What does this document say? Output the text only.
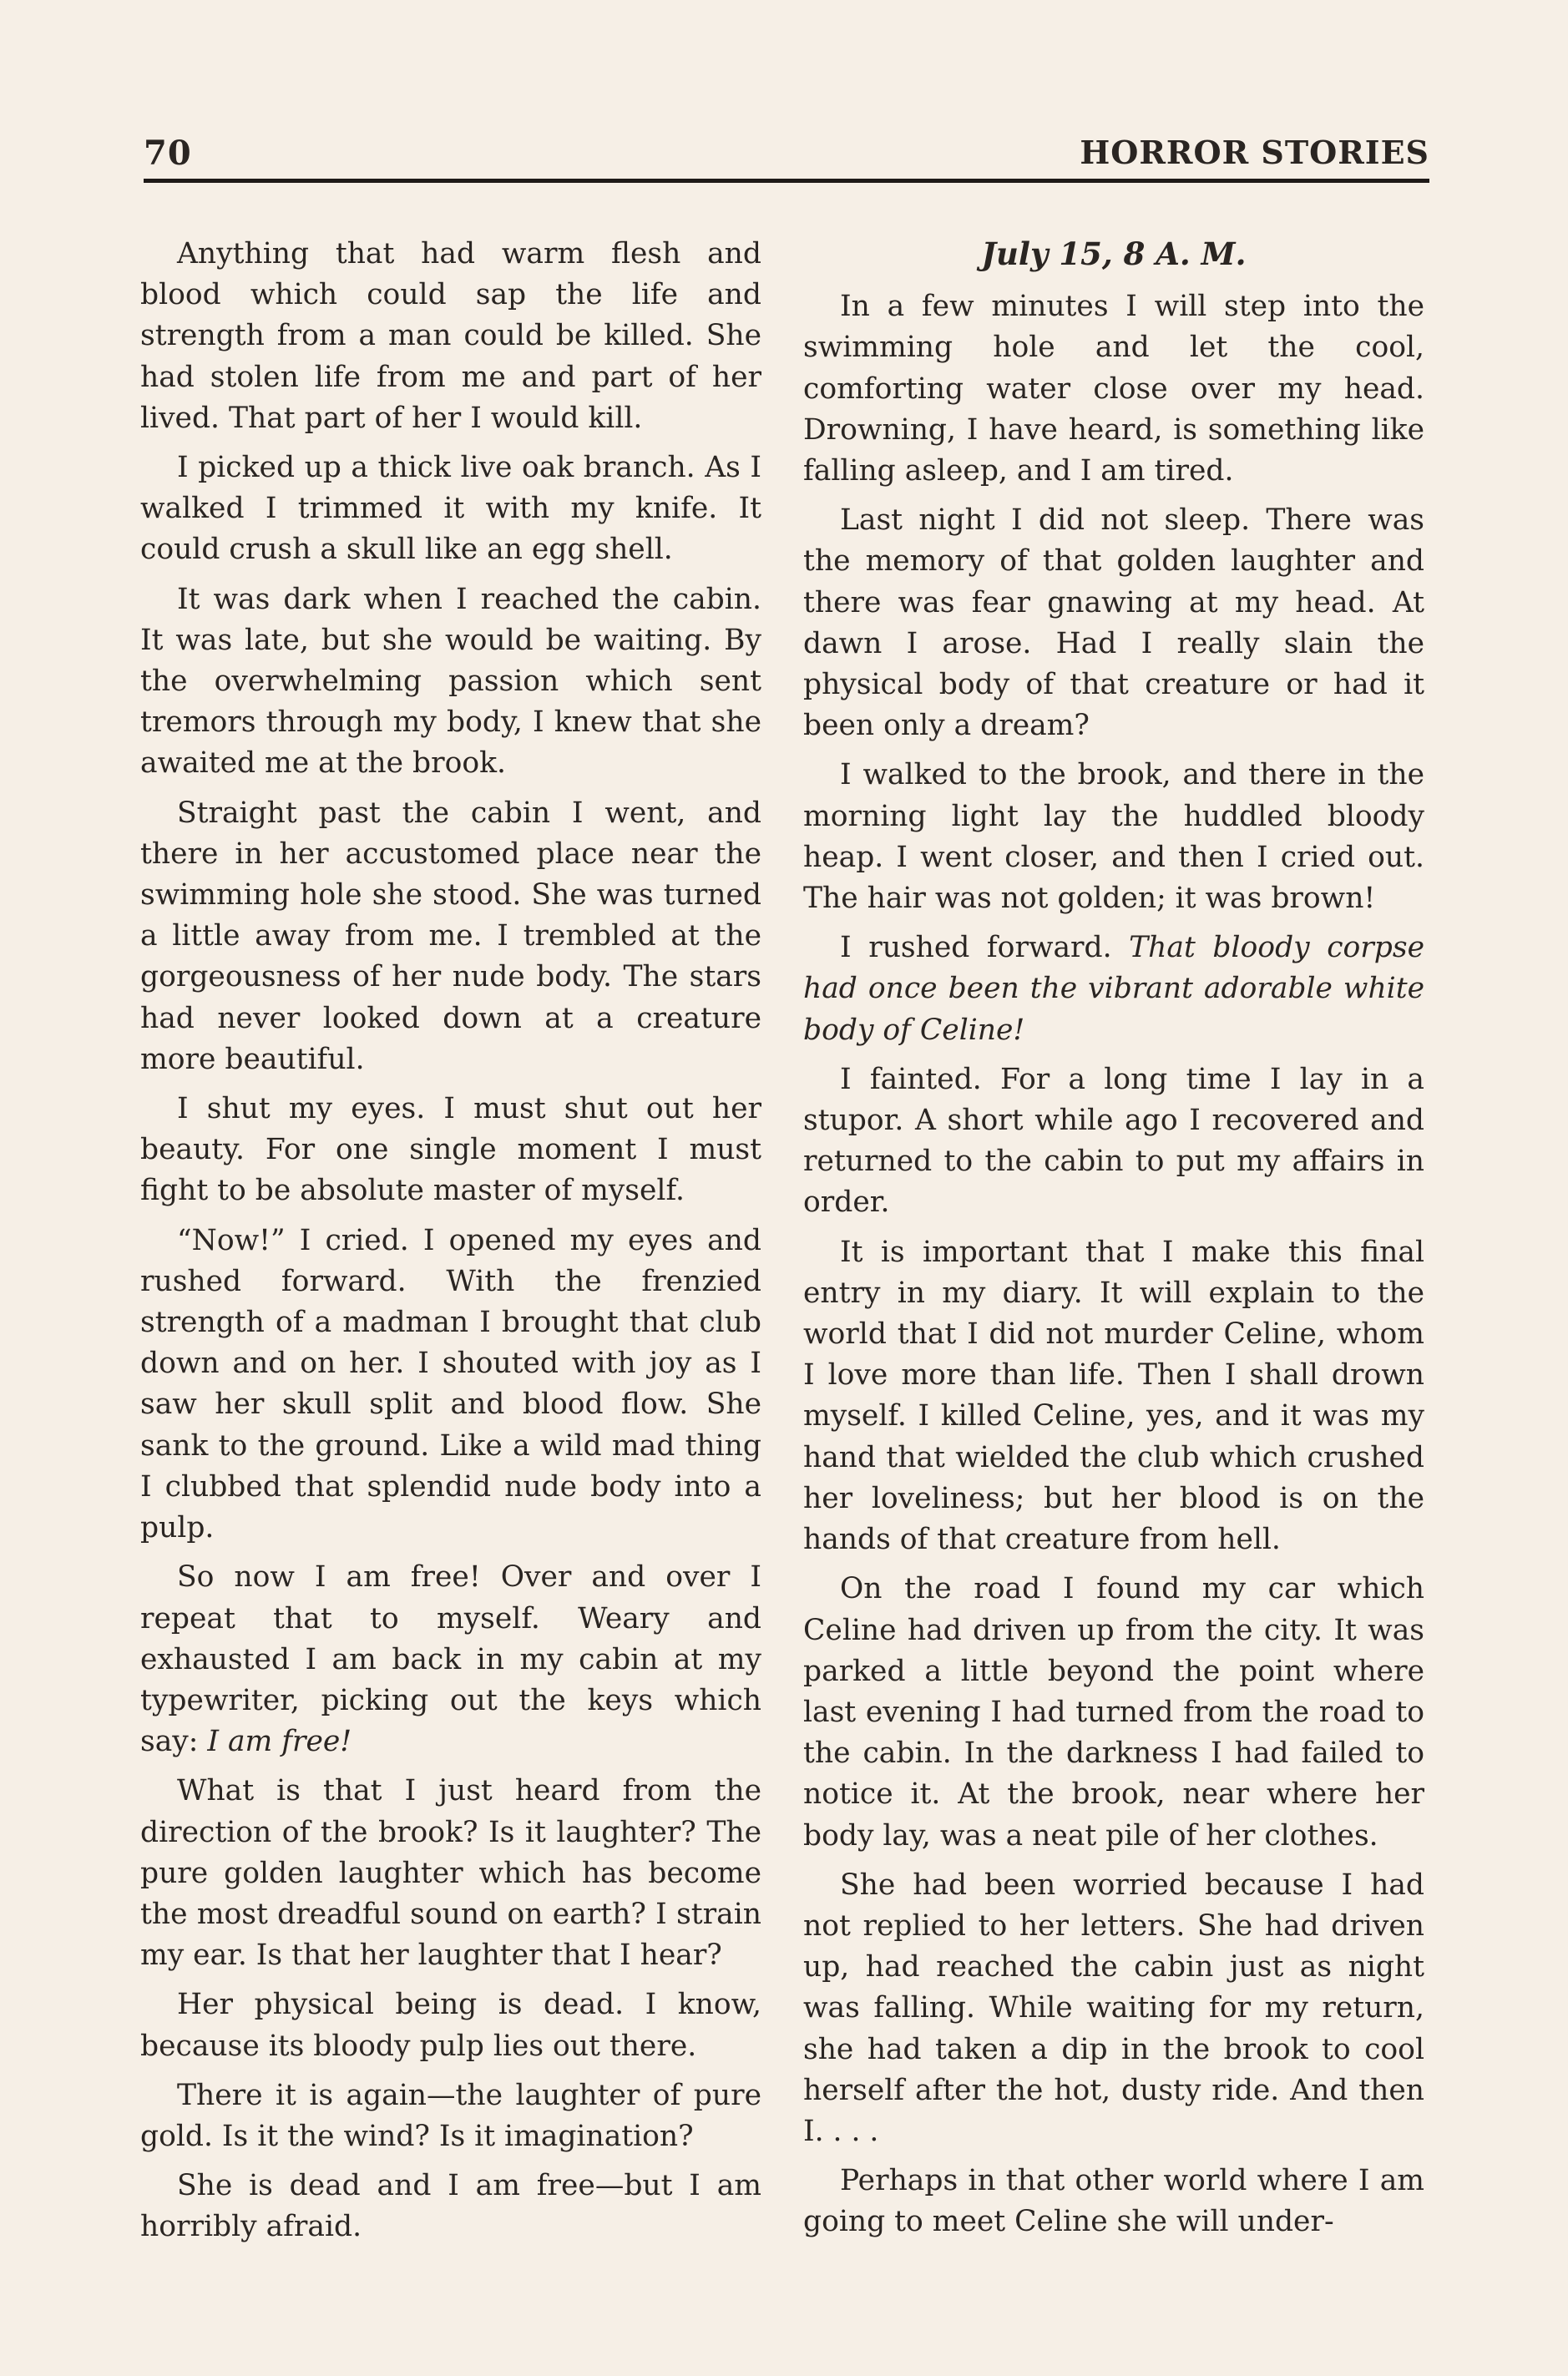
70	HORROR STORIES

Anything that had warm flesh and blood which could sap the life and strength from a man could be killed. She had stolen life from me and part of her lived. That part of her I would kill.

I picked up a thick live oak branch. As I walked I trimmed it with my knife. It could crush a skull like an egg shell.

It was dark when I reached the cabin. It was late, but she would be waiting. By the overwhelming passion which sent tremors through my body, I knew that she awaited me at the brook.

Straight past the cabin I went, and there in her accustomed place near the swimming hole she stood. She was turned a little away from me. I trembled at the gorgeousness of her nude body. The stars had never looked down at a creature more beautiful.

I shut my eyes. I must shut out her beauty. For one single moment I must fight to be absolute master of myself.

“Now!” I cried. I opened my eyes and rushed forward. With the frenzied strength of a madman I brought that club down and on her. I shouted with joy as I saw her skull split and blood flow. She sank to the ground. Like a wild mad thing I clubbed that splendid nude body into a pulp.

So now I am free! Over and over I repeat that to myself. Weary and exhausted I am back in my cabin at my typewriter, picking out the keys which say: I am free!

What is that I just heard from the direction of the brook? Is it laughter? The pure golden laughter which has become the most dreadful sound on earth? I strain my ear. Is that her laughter that I hear?

Her physical being is dead. I know, because its bloody pulp lies out there.

There it is again—the laughter of pure gold. Is it the wind? Is it imagination?

She is dead and I am free—but I am horribly afraid.

July 15, 8 A. M.

In a few minutes I will step into the swimming hole and let the cool, comforting water close over my head. Drowning, I have heard, is something like falling asleep, and I am tired.

Last night I did not sleep. There was the memory of that golden laughter and there was fear gnawing at my head. At dawn I arose. Had I really slain the physical body of that creature or had it been only a dream?

I walked to the brook, and there in the morning light lay the huddled bloody heap. I went closer, and then I cried out. The hair was not golden; it was brown!

I rushed forward. That bloody corpse had once been the vibrant adorable white body of Celine!

I fainted. For a long time I lay in a stupor. A short while ago I recovered and returned to the cabin to put my affairs in order.

It is important that I make this final entry in my diary. It will explain to the world that I did not murder Celine, whom I love more than life. Then I shall drown myself. I killed Celine, yes, and it was my hand that wielded the club which crushed her loveliness; but her blood is on the hands of that creature from hell.

On the road I found my car which Celine had driven up from the city. It was parked a little beyond the point where last evening I had turned from the road to the cabin. In the darkness I had failed to notice it. At the brook, near where her body lay, was a neat pile of her clothes.

She had been worried because I had not replied to her letters. She had driven up, had reached the cabin just as night was falling. While waiting for my return, she had taken a dip in the brook to cool herself after the hot, dusty ride. And then I. . . .

Perhaps in that other world where I am going to meet Celine she will under-
